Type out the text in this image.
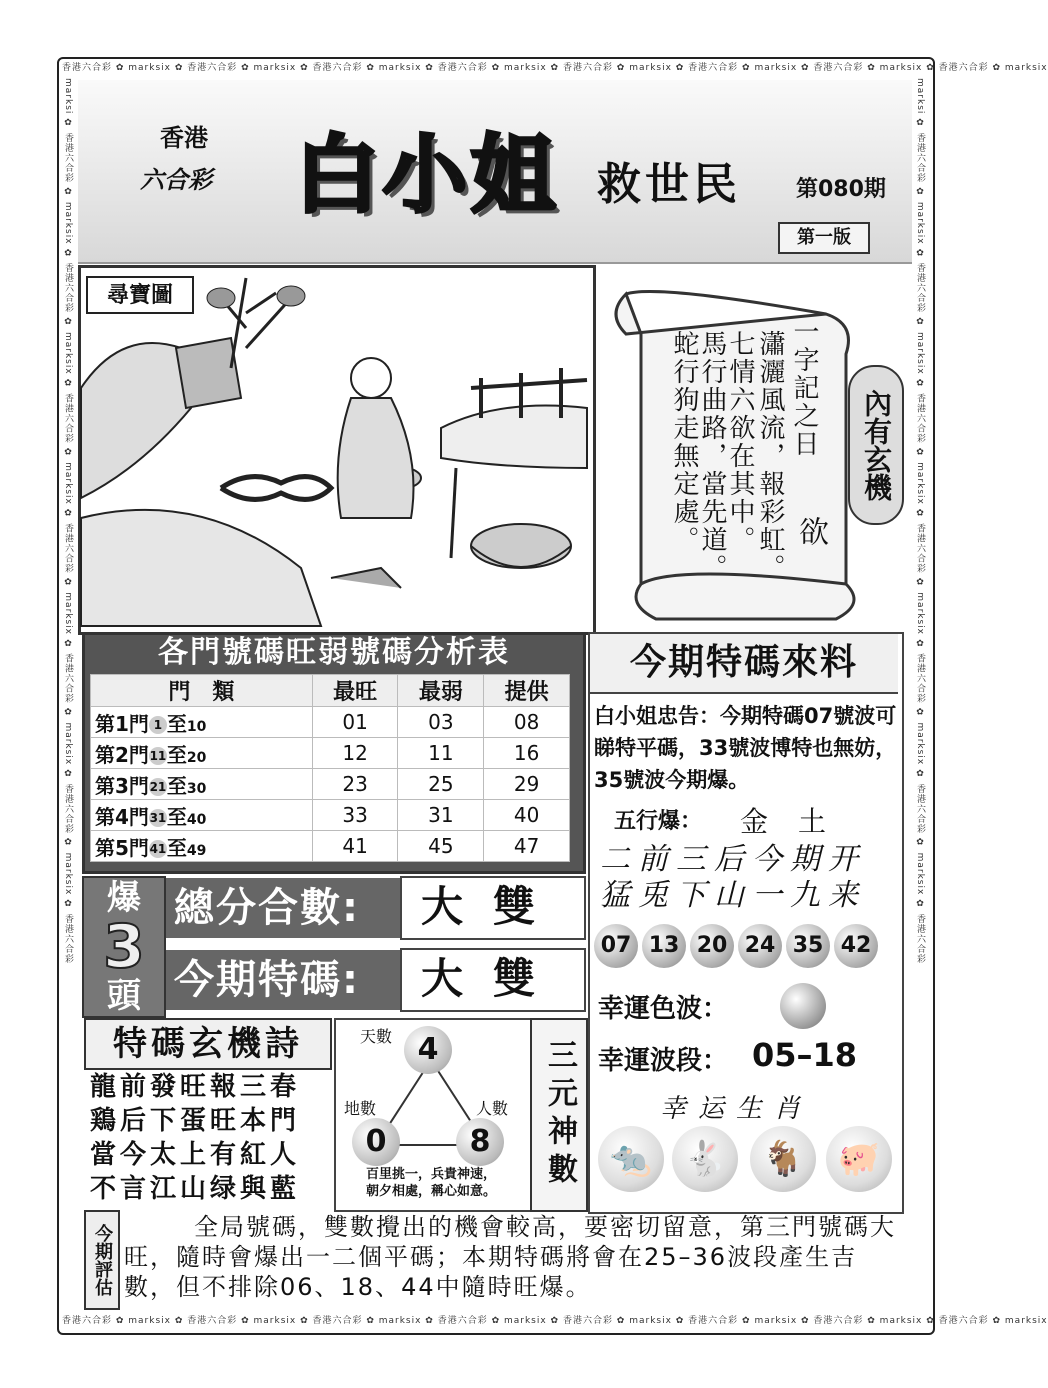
香港六合彩 ✿ marksix ✿ 香港六合彩 ✿ marksix ✿ 香港六合彩 ✿ marksix ✿ 香港六合彩 ✿ marksix ✿ 香港六合彩 ✿ marksix ✿ 香港六合彩 ✿ marksix ✿ 香港六合彩 ✿ marksix ✿ 香港六合彩 ✿ marksix
香港六合彩 ✿ marksix ✿ 香港六合彩 ✿ marksix ✿ 香港六合彩 ✿ marksix ✿ 香港六合彩 ✿ marksix ✿ 香港六合彩 ✿ marksix ✿ 香港六合彩 ✿ marksix ✿ 香港六合彩 ✿ marksix ✿ 香港六合彩 ✿ marksix
marksi ✿ 香港六合彩 ✿ marksix ✿ 香港六合彩 ✿ marksix ✿ 香港六合彩 ✿ marksix ✿ 香港六合彩 ✿ marksix ✿ 香港六合彩 ✿ marksix ✿ 香港六合彩 ✿ marksix ✿ 香港六合彩	marksi ✿ 香港六合彩 ✿ marksix ✿ 香港六合彩 ✿ marksix ✿ 香港六合彩 ✿ marksix ✿ 香港六合彩 ✿ marksix ✿ 香港六合彩 ✿ marksix ✿ 香港六合彩 ✿ marksix ✿ 香港六合彩
香港
六合彩 白小姐 救世民	第080期
第一版
尋寶圖
一字記之日
瀟灑風流，報彩虹。
七情六欲在其中。
馬行曲路，當先道。
蛇行狗走無定處。	欲
內有玄機
各門號碼旺弱號碼分析表
門　類	最旺	最弱	提供
第1門 1 至10	01	03	08
第2門11至20	12	11	16
第3門21至30	23	25	29
第4門31至40	33	31	40
第5門41至49	41	45	47
今期特碼來料
白小姐忠告：今期特碼07號波可睇特平碼，33號波博特也無妨，35號波今期爆。
五行爆： 金土
二前三后今期开猛兎下山一九来
07 13 20 24 35 42
幸運色波：
幸運波段： 05–18
幸运生肖
🐀 🐇	🐐 🐖
爆
3
頭
總分合數:	大雙
今期特碼:	大雙
特碼玄機詩
龍前發旺報三春
鶏后下蛋旺本門
當今太上有紅人
不言江山绿與藍
天數 4
地數
0
人數
8
百里挑一，兵貴神速，
朝夕相處，稱心如意。
三元神數
今期評估	全局號碼，雙數攪出的機會較高，要密切留意，第三門號碼大旺，隨時會爆出一二個平碼；本期特碼將會在25–36波段產生吉數，但不排除06、18、44中隨時旺爆。
